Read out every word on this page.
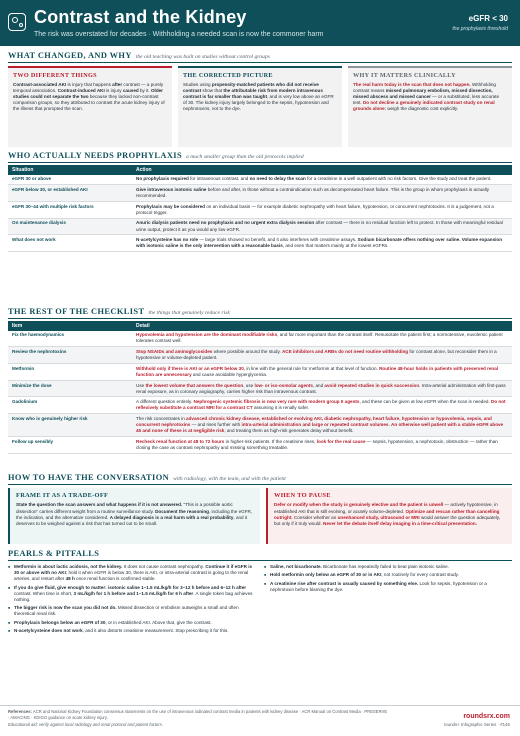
Contrast and the Kidney
The risk was overstated for decades · Withholding a needed scan is now the commoner harm
eGFR < 30
the prophylaxis threshold
WHAT CHANGED, AND WHY the old teaching was built on studies without control groups
TWO DIFFERENT THINGS
Contrast-associated AKI is injury that happens after contrast — a purely temporal association. Contrast-induced AKI is injury caused by it. Older studies could not separate the two because they lacked non-contrast comparison groups, so they attributed to contrast the acute kidney injury of the illness that prompted the scan.
THE CORRECTED PICTURE
Studies using propensity-matched patients who did not receive contrast show that the attributable risk from modern intravenous contrast is far smaller than was taught, and is very low above an eGFR of 30. The kidney injury largely belonged to the sepsis, hypotension and nephrotoxins, not to the dye.
WHY IT MATTERS CLINICALLY
The real harm today is the scan that does not happen. Withholding contrast means missed pulmonary embolism, missed dissection, missed abscess and missed cancer — or a substituted, less accurate test. Do not decline a genuinely indicated contrast study on renal grounds alone; weigh the diagnostic cost explicitly.
WHO ACTUALLY NEEDS PROPHYLAXIS a much smaller group than the old protocols implied
Situation	Action
eGFR 30 or above	No prophylaxis required for intravenous contrast, and no need to delay the scan for a creatinine in a well outpatient with no risk factors. Give the study and treat the patient.
eGFR below 30, or established AKI	Give intravenous isotonic saline before and after, in those without a contraindication such as decompensated heart failure. This is the group in whom prophylaxis is actually recommended.
eGFR 30–44 with multiple risk factors	Prophylaxis may be considered on an individual basis — for example diabetic nephropathy with heart failure, hypotension, or concurrent nephrotoxins. It is a judgement, not a protocol trigger.
On maintenance dialysis	Anuric dialysis patients need no prophylaxis and no urgent extra dialysis session after contrast — there is no residual function left to protect. In those with meaningful residual urine output, protect it as you would any low eGFR.
What does not work	N-acetylcysteine has no role — large trials showed no benefit, and it also interferes with creatinine assays. Sodium bicarbonate offers nothing over saline. Volume expansion with isotonic saline is the only intervention with a reasonable basis, and even that matters mainly at the lowest eGFRs.
THE REST OF THE CHECKLIST the things that genuinely reduce risk
Item	Detail
Fix the haemodynamics	Hypovolemia and hypotension are the dominant modifiable risks, and far more important than the contrast itself. Resuscitate the patient first; a normotensive, euvolemic patient tolerates contrast well.
Review the nephrotoxins	Stop NSAIDs and aminoglycosides where possible around the study. ACE inhibitors and ARBs do not need routine withholding for contrast alone, but reconsider them in a hypotensive or volume-depleted patient.
Metformin	Withhold only if there is AKI or an eGFR below 30, in line with the general rule for metformin at that level of function. Routine 48-hour holds in patients with preserved renal function are unnecessary and cause avoidable hyperglycemia.
Minimize the dose	Use the lowest volume that answers the question, use low- or iso-osmolar agents, and avoid repeated studies in quick succession. Intra-arterial administration with first-pass renal exposure, as in coronary angiography, carries higher risk than intravenous contrast.
Gadolinium	A different question entirely. Nephrogenic systemic fibrosis is now very rare with modern group II agents, and these can be given at low eGFR when the scan is needed. Do not reflexively substitute a contrast MRI for a contrast CT assuming it is renally safer.
Know who is genuinely higher risk	The risk concentrates in advanced chronic kidney disease, established or evolving AKI, diabetic nephropathy, heart failure, hypotension or hypovolemia, sepsis, and concurrent nephrotoxins — and rises further with intra-arterial administration and large or repeated contrast volumes. An otherwise well patient with a stable eGFR above 45 and none of these is at negligible risk, and treating them as high-risk generates delay without benefit.
Follow up sensibly	Recheck renal function at 48 to 72 hours in higher-risk patients. If the creatinine rises, look for the real cause — sepsis, hypotension, a nephrotoxin, obstruction — rather than closing the case as contrast nephropathy and missing something treatable.
HOW TO HAVE THE CONVERSATION with radiology, with the team, and with the patient
FRAME IT AS A TRADE-OFF
State the question the scan answers and what happens if it is not answered. "This is a possible aortic dissection" carries different weight from a routine surveillance study. Document the reasoning, including the eGFR, the indication, and the alternative considered. A delayed diagnosis is a real harm with a real probability, and it deserves to be weighed against a risk that has turned out to be small.
WHEN TO PAUSE
Defer or modify when the study is genuinely elective and the patient is unwell — actively hypotensive, in established AKI that is still evolving, or acutely volume-depleted. Optimize and rescan rather than cancelling outright. Consider whether an unenhanced study, ultrasound or MRI would answer the question adequately, but only if it truly would. Never let the debate itself delay imaging in a time-critical presentation.
PEARLS & PITFALLS
■ Metformin is about lactic acidosis, not the kidney. It does not cause contrast nephropathy. Continue it if eGFR is 30 or above with no AKI; hold it when eGFR is below 30, there is AKI, or intra-arterial contrast is going to the renal arteries, and restart after 48 h once renal function is confirmed stable.
■ If you do give fluid, give enough to matter: isotonic saline 1–1.5 mL/kg/h for 3–12 h before and 6–12 h after contrast. When time is short, 3 mL/kg/h for 1 h before and 1–1.5 mL/kg/h for 6 h after. A single token bag achieves nothing.
■ The bigger risk is now the scan you did not do. Missed dissection or embolism outweighs a small and often theoretical renal risk.
■ Prophylaxis belongs below an eGFR of 30, or in established AKI. Above that, give the contrast.
■ N-acetylcysteine does not work, and it also distorts creatinine measurement. Stop prescribing it for this.
■ Saline, not bicarbonate. Bicarbonate has repeatedly failed to beat plain isotonic saline.
■ Hold metformin only below an eGFR of 30 or in AKI, not routinely for every contrast study.
■ A creatinine rise after contrast is usually caused by something else. Look for sepsis, hypotension or a nephrotoxin before blaming the dye.
References: ACR and National Kidney Foundation consensus statements on the use of intravenous iodinated contrast media in patients with kidney disease · ACR Manual on Contrast Media · PRESERVE · AMACING · KDIGO guidance on acute kidney injury.
Educational aid; verify against local radiology and renal protocol and patient factors.
roundsrx.com
rounds+ Infographic Series · #145
